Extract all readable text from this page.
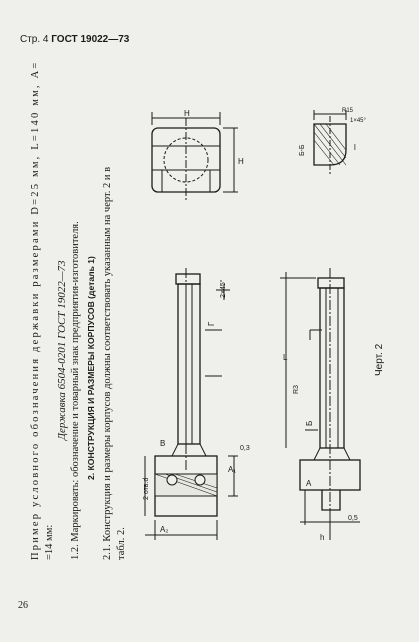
Стр. 4 ГОСТ 19022—73
Пример условного обозначения державки размерами D=25 мм, L=140 мм, A= =14 мм:
Державка 6504-0201 ГОСТ 19022—73 1.2. Маркировать: обозначение и товарный знак предприятия-изготовителя. 2. КОНСТРУКЦИЯ И РАЗМЕРЫ КОРПУСОВ (деталь 1) 2.1. Конструкция и размеры корпусов должны соответствовать указанным на черт. 2 и в табл. 2.
26
H
H
Б-Б	l
1×45°
R15
2×45°
Г
L
R3
Б
B
A₁
A₂
2 отв.d	A
0,3
0,5
h
Черт. 2
